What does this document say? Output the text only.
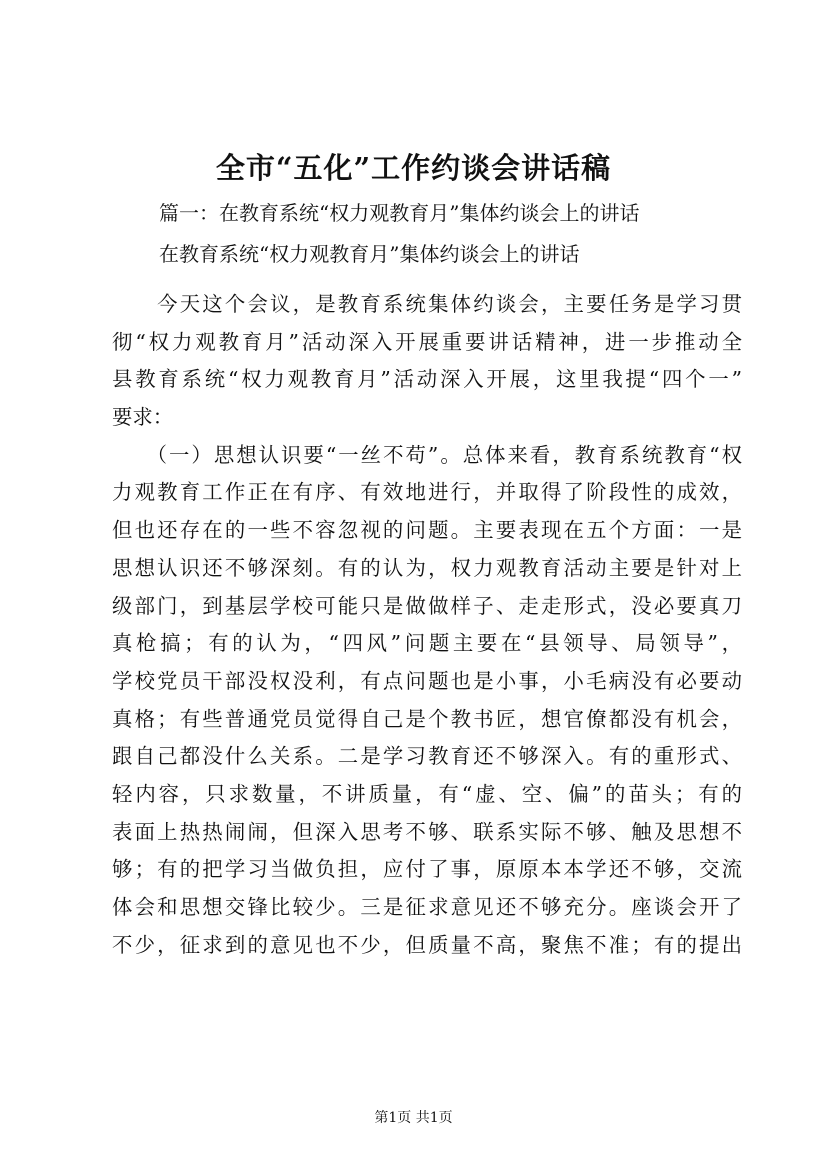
全市“五化”工作约谈会讲话稿
篇一：在教育系统“权力观教育月”集体约谈会上的讲话
在教育系统“权力观教育月”集体约谈会上的讲话
　　今天这个会议，是教育系统集体约谈会，主要任务是学习贯
彻“权力观教育月”活动深入开展重要讲话精神，进一步推动全
县教育系统“权力观教育月”活动深入开展，这里我提“四个一”
要求：
　　（一）思想认识要“一丝不苟”。总体来看，教育系统教育“权
力观教育工作正在有序、有效地进行，并取得了阶段性的成效，
但也还存在的一些不容忽视的问题。主要表现在五个方面：一是
思想认识还不够深刻。有的认为，权力观教育活动主要是针对上
级部门，到基层学校可能只是做做样子、走走形式，没必要真刀
真枪搞；有的认为，“四风”问题主要在“县领导、局领导”，
学校党员干部没权没利，有点问题也是小事，小毛病没有必要动
真格；有些普通党员觉得自己是个教书匠，想官僚都没有机会，
跟自己都没什么关系。二是学习教育还不够深入。有的重形式、
轻内容，只求数量，不讲质量，有“虚、空、偏”的苗头；有的
表面上热热闹闹，但深入思考不够、联系实际不够、触及思想不
够；有的把学习当做负担，应付了事，原原本本学还不够，交流
体会和思想交锋比较少。三是征求意见还不够充分。座谈会开了
不少，征求到的意见也不少，但质量不高，聚焦不准；有的提出
第1页 共1页
